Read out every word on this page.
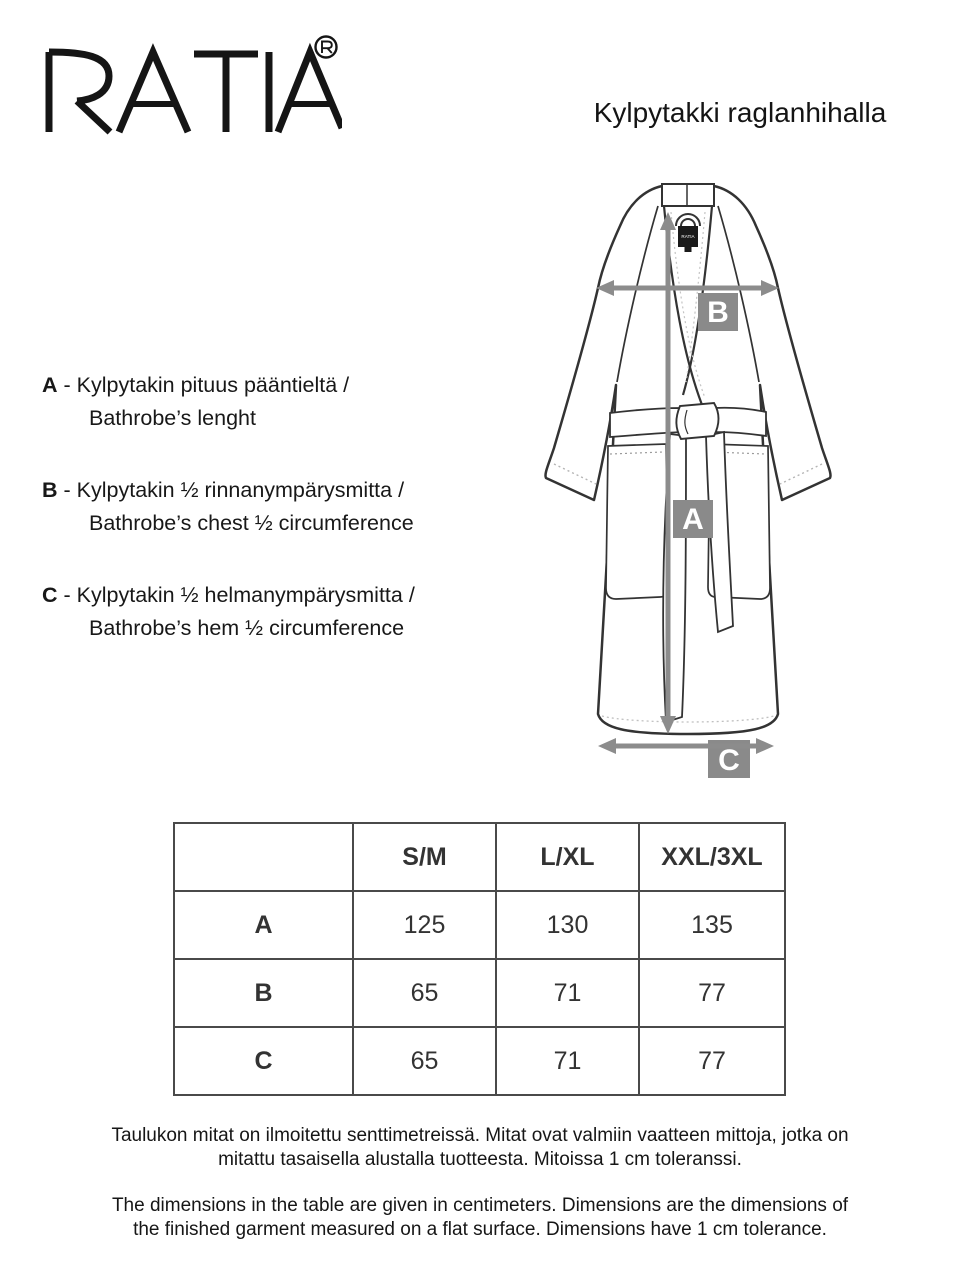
Kylpytakki raglanhihalla
A - Kylpytakin pituus pääntieltä /
Bathrobe’s lenght
B - Kylpytakin ½ rinnanympärysmitta /
Bathrobe’s chest ½ circumference
C - Kylpytakin ½ helmanympärysmitta /
Bathrobe’s hem ½ circumference
RATIA
A
B
C
	S/M	L/XL	XXL/3XL
A	125	130	135
B	65	71	77
C	65	71	77
Taulukon mitat on ilmoitettu senttimetreissä. Mitat ovat valmiin vaatteen mittoja, jotka on
mitattu tasaisella alustalla tuotteesta. Mitoissa 1 cm toleranssi.
The dimensions in the table are given in centimeters. Dimensions are the dimensions of
the finished garment measured on a flat surface. Dimensions have 1 cm tolerance.
